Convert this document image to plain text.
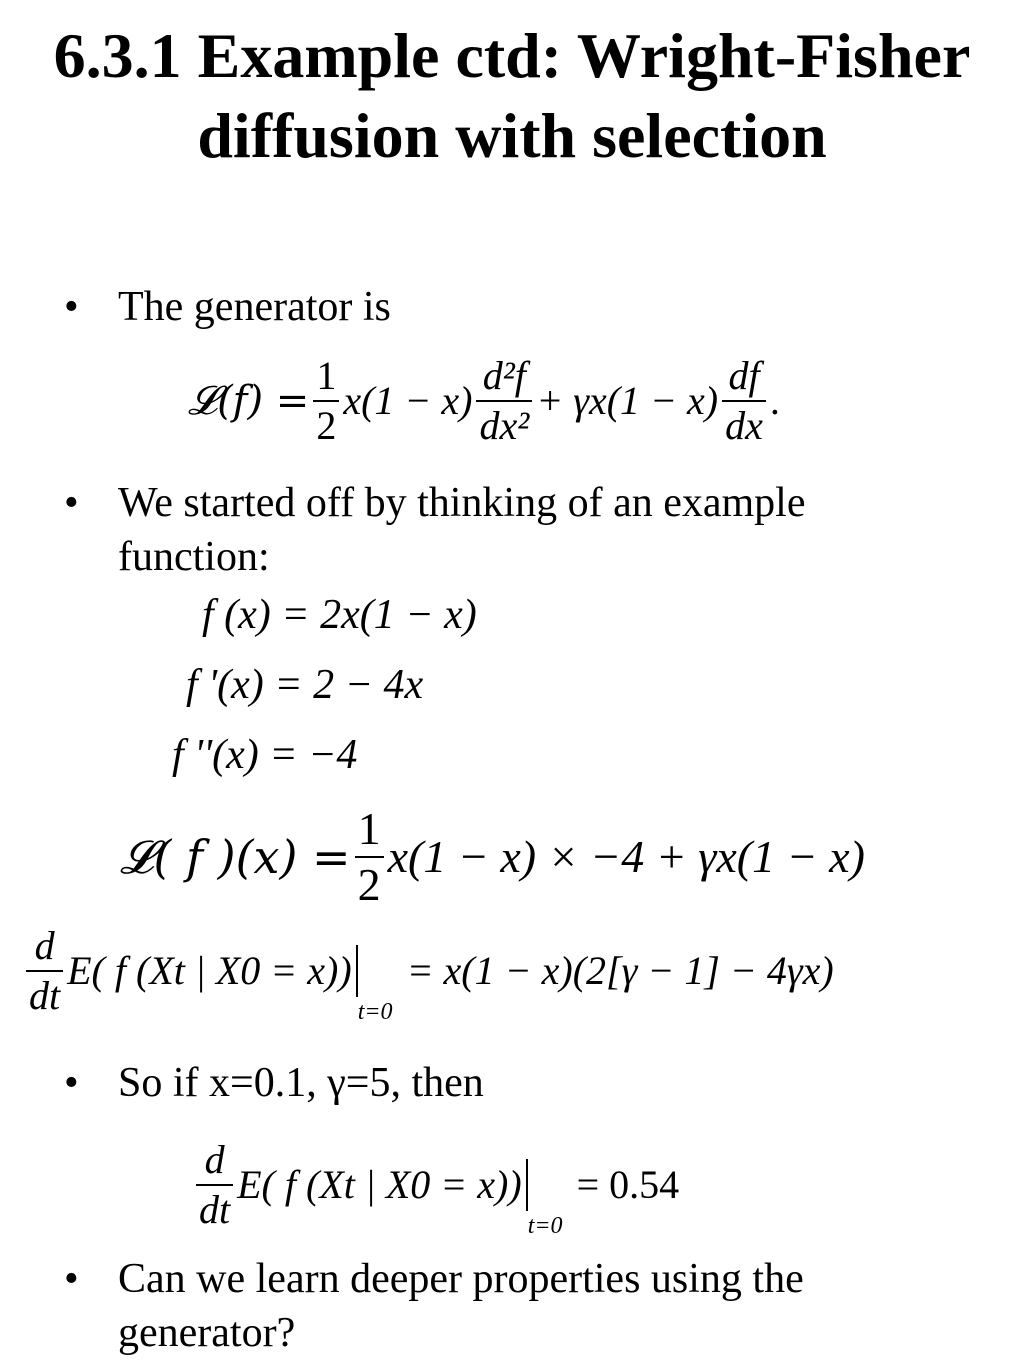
6.3.1 Example ctd: Wright-Fisher
diffusion with selection
• The generator is
𝓛(f) = $\frac{1}{2} x(1 - x) \frac{\text{d²f}}{\text{dx²}} + \gamma x(1 - x) \frac{df}{dx}$ .
• We started off by thinking of an example function:
f (x) = 2x(1 − x)
f '(x) = 2 − 4x
f ''(x) = −4
𝓛( f )$(x) = \frac{1}{2} x(1 - x) \times -4 + \gamma x(1 - x)$
$\frac{d}{dt} E$( f (Xt | X0 = x))
t=0
= x(1 − x)(2[γ − 1] − 4γx)
• So if x=0.1, γ=5, then
$\frac{d}{dt} E$( f (Xt | X0 = x))
t=0
= 0.54
• Can we learn deeper properties using the generator?
